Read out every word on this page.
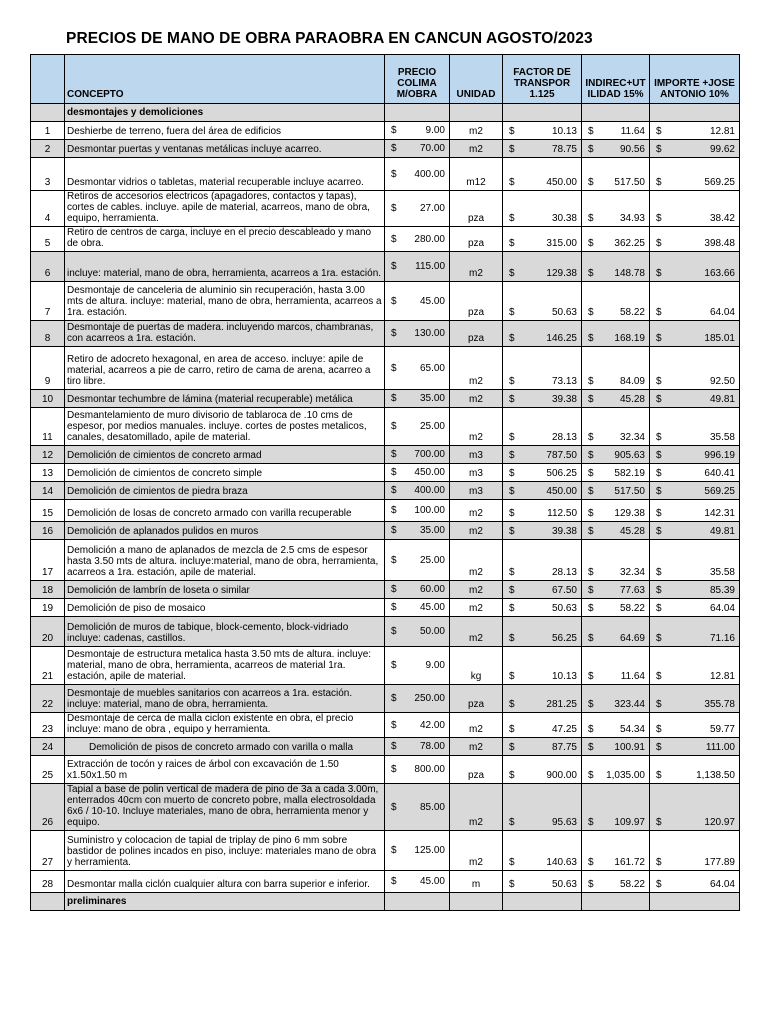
PRECIOS DE MANO DE OBRA PARAOBRA EN CANCUN AGOSTO/2023
	CONCEPTO	PRECIO COLIMA M/OBRA	UNIDAD	FACTOR DE TRANSPOR 1.125	INDIREC+UT ILIDAD 15%	IMPORTE +JOSE ANTONIO 10%
	desmontajes y demoliciones					
1	Deshierbe de terreno, fuera del área de edificios	$ 9.00	m2	$ 10.13	$ 11.64	$ 12.81

2	Desmontar puertas y ventanas metálicas incluye acarreo.	$ 70.00	m2	$ 78.75	$ 90.56	$ 99.62

3	Desmontar vidrios o tabletas, material recuperable incluye acarreo.	$ 400.00	m12	$ 450.00	$ 517.50	$ 569.25

4	Retiros de accesorios electricos (apagadores, contactos y tapas), cortes de cables. incluye. apile de material, acarreos, mano de obra, equipo, herramienta.	$ 27.00	pza	$ 30.38	$ 34.93	$ 38.42

5	Retiro de centros de carga, incluye en el precio descableado y mano de obra.	$ 280.00	pza	$ 315.00	$ 362.25	$ 398.48

6	incluye: material, mano de obra, herramienta, acarreos a 1ra. estación.	$ 115.00	m2	$ 129.38	$ 148.78	$ 163.66

7	Desmontaje de canceleria de aluminio sin recuperación, hasta 3.00 mts de altura. incluye: material, mano de obra, herramienta, acarreos a 1ra. estación.	$ 45.00	pza	$ 50.63	$ 58.22	$ 64.04

8	Desmontaje de puertas de madera. incluyendo marcos, chambranas, con acarreos a 1ra. estación.	$ 130.00	pza	$ 146.25	$ 168.19	$ 185.01

9	Retiro de adocreto hexagonal, en area de acceso. incluye: apile de material, acarreos a pie de carro, retiro de cama de arena, acarreo a tiro libre.	$ 65.00	m2	$ 73.13	$ 84.09	$ 92.50

10	Desmontar techumbre de lámina (material recuperable) metálica	$ 35.00	m2	$ 39.38	$ 45.28	$ 49.81

11	Desmantelamiento de muro divisorio de tablaroca de .10 cms de espesor, por medios manuales. incluye. cortes de postes metalicos, canales, desatomillado, apile de material.	$ 25.00	m2	$ 28.13	$ 32.34	$ 35.58

12	Demolición de cimientos de concreto armad	$ 700.00	m3	$ 787.50	$ 905.63	$ 996.19

13	Demolición de cimientos de concreto simple	$ 450.00	m3	$ 506.25	$ 582.19	$ 640.41

14	Demolición de cimientos de piedra braza	$ 400.00	m3	$ 450.00	$ 517.50	$ 569.25

15	Demolición de losas de concreto armado con varilla recuperable	$ 100.00	m2	$ 112.50	$ 129.38	$ 142.31

16	Demolición de aplanados pulidos en muros	$ 35.00	m2	$ 39.38	$ 45.28	$ 49.81

17	Demolición a mano de aplanados de mezcla de 2.5 cms de espesor hasta 3.50 mts de altura. incluye:material, mano de obra, herramienta, acarreos a 1ra. estación, apile de material.	$ 25.00	m2	$ 28.13	$ 32.34	$ 35.58

18	Demolición de lambrín de loseta o similar	$ 60.00	m2	$ 67.50	$ 77.63	$ 85.39

19	Demolición de piso de mosaico	$ 45.00	m2	$ 50.63	$ 58.22	$ 64.04

20	Demolición de muros de tabique, block-cemento, block-vidriado incluye: cadenas, castillos.	$ 50.00	m2	$ 56.25	$ 64.69	$ 71.16

21	Desmontaje de estructura metalica hasta 3.50 mts de altura. incluye: material, mano de obra, herramienta, acarreos de material 1ra. estación, apile de material.	$ 9.00	kg	$ 10.13	$ 11.64	$ 12.81

22	Desmontaje de muebles sanitarios con acarreos a 1ra. estación. incluye: material, mano de obra, herramienta.	$ 250.00	pza	$ 281.25	$ 323.44	$ 355.78

23	Desmontaje de cerca de malla ciclon existente en obra, el precio incluye: mano de obra , equipo y herramienta.	$ 42.00	m2	$ 47.25	$ 54.34	$ 59.77

24	Demolición de pisos de concreto armado con varilla o malla	$ 78.00	m2	$ 87.75	$ 100.91	$ 111.00

25	Extracción de tocón y raices de árbol con excavación de 1.50 x1.50x1.50 m	$ 800.00	pza	$ 900.00	$ 1,035.00	$ 1,138.50

26	Tapial a base de polin vertical de madera de pino de 3a a cada 3.00m, enterrados 40cm con muerto de concreto pobre, malla electrosoldada 6x6 / 10-10. Incluye materiales, mano de obra, herramienta menor y equipo.	$ 85.00	m2	$ 95.63	$ 109.97	$ 120.97

27	Suministro y colocacion de tapial de triplay de pino 6 mm sobre bastidor de polines incados en piso, incluye: materiales mano de obra y herramienta.	$ 125.00	m2	$ 140.63	$ 161.72	$ 177.89

28	Desmontar malla ciclón cualquier altura con barra superior e inferior.	$ 45.00	m	$ 50.63	$ 58.22	$ 64.04

	preliminares					
